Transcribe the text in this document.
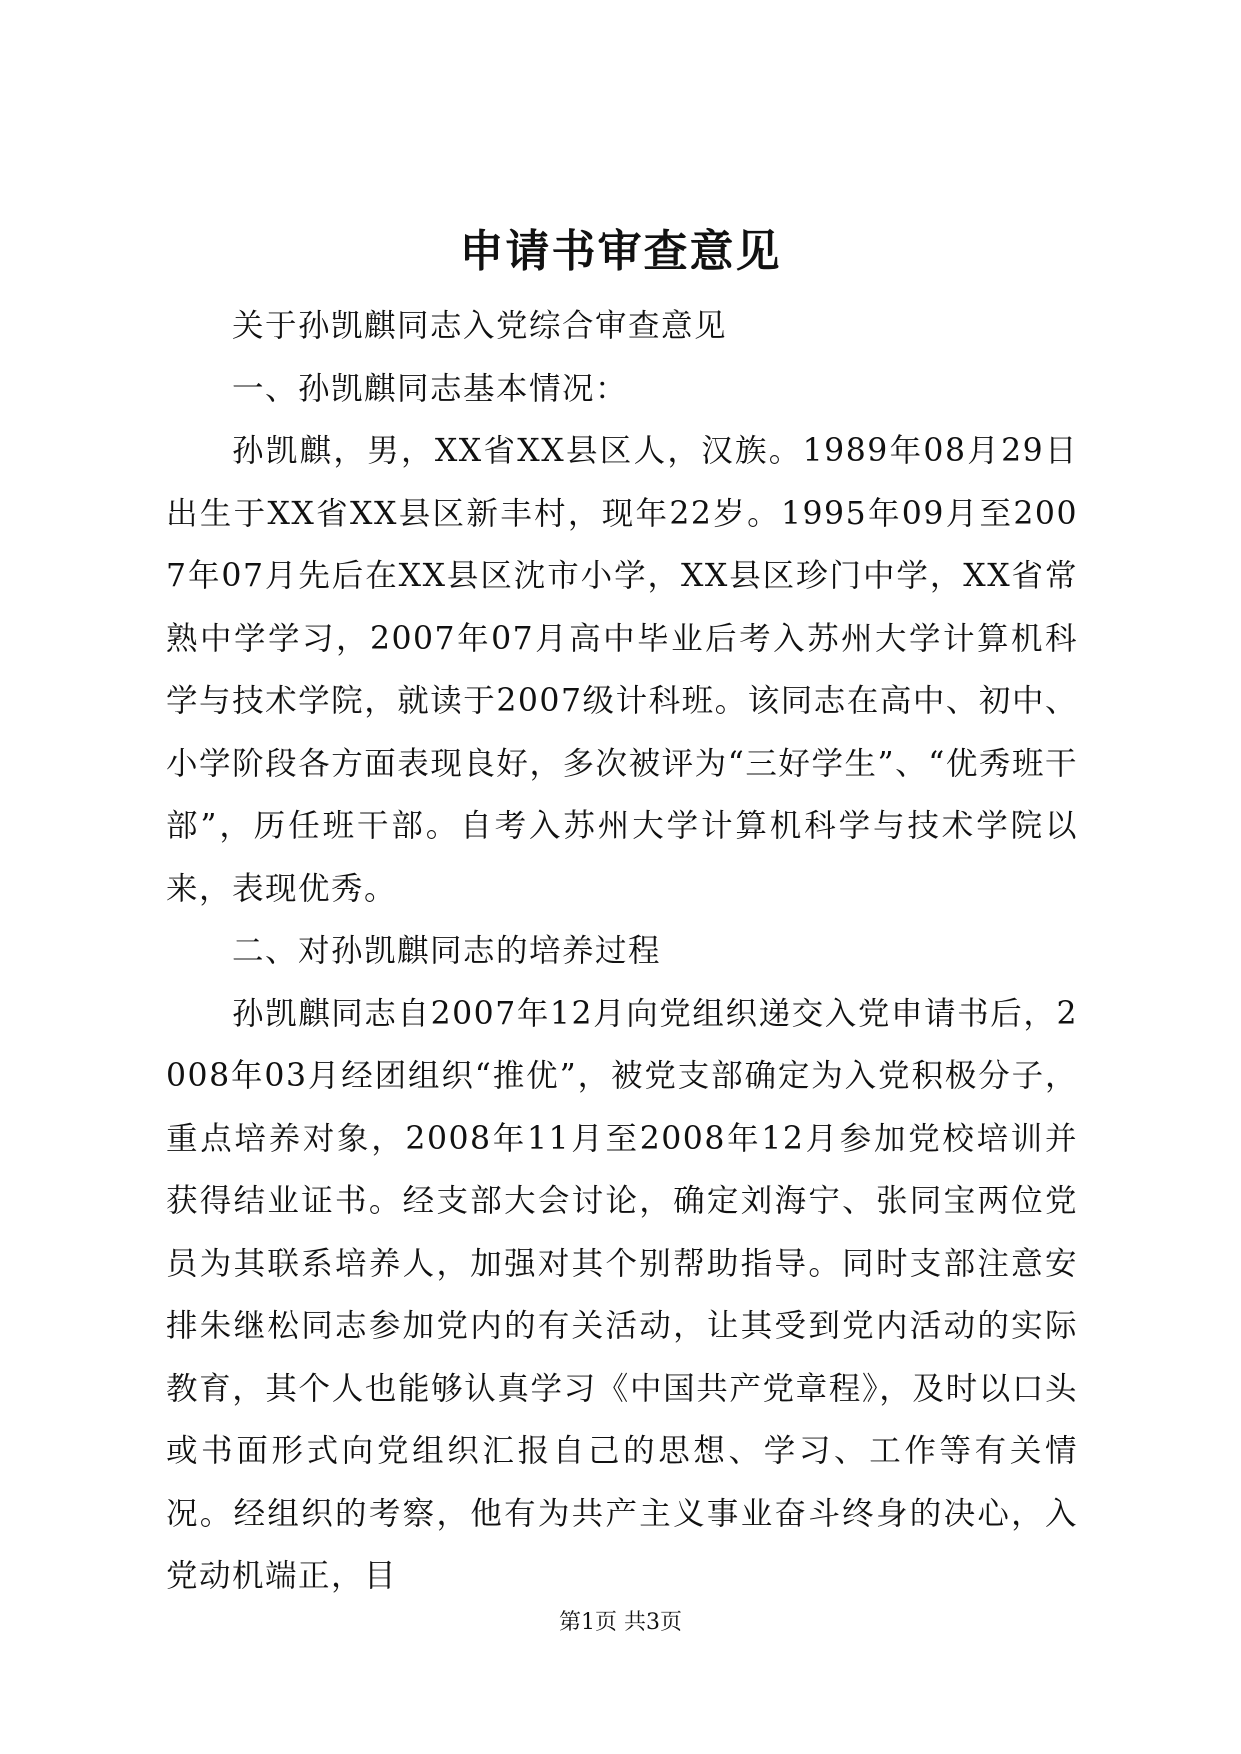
申请书审查意见

关于孙凯麒同志入党综合审查意见

一、孙凯麒同志基本情况：

孙凯麒，男，XX省XX县区人，汉族。1989年08月29日出生于XX省XX县区新丰村，现年22岁。1995年09月至2007年07月先后在XX县区沈市小学，XX县区珍门中学，XX省常熟中学学习，2007年07月高中毕业后考入苏州大学计算机科学与技术学院，就读于2007级计科班。该同志在高中、初中、小学阶段各方面表现良好，多次被评为“三好学生”、“优秀班干部”，历任班干部。自考入苏州大学计算机科学与技术学院以来，表现优秀。

二、对孙凯麒同志的培养过程

孙凯麒同志自2007年12月向党组织递交入党申请书后，2008年03月经团组织“推优”，被党支部确定为入党积极分子，重点培养对象，2008年11月至2008年12月参加党校培训并获得结业证书。经支部大会讨论，确定刘海宁、张同宝两位党员为其联系培养人，加强对其个别帮助指导。同时支部注意安排朱继松同志参加党内的有关活动，让其受到党内活动的实际教育，其个人也能够认真学习《中国共产党章程》，及时以口头或书面形式向党组织汇报自己的思想、学习、工作等有关情况。经组织的考察，他有为共产主义事业奋斗终身的决心，入党动机端正，目

第1页 共3页
